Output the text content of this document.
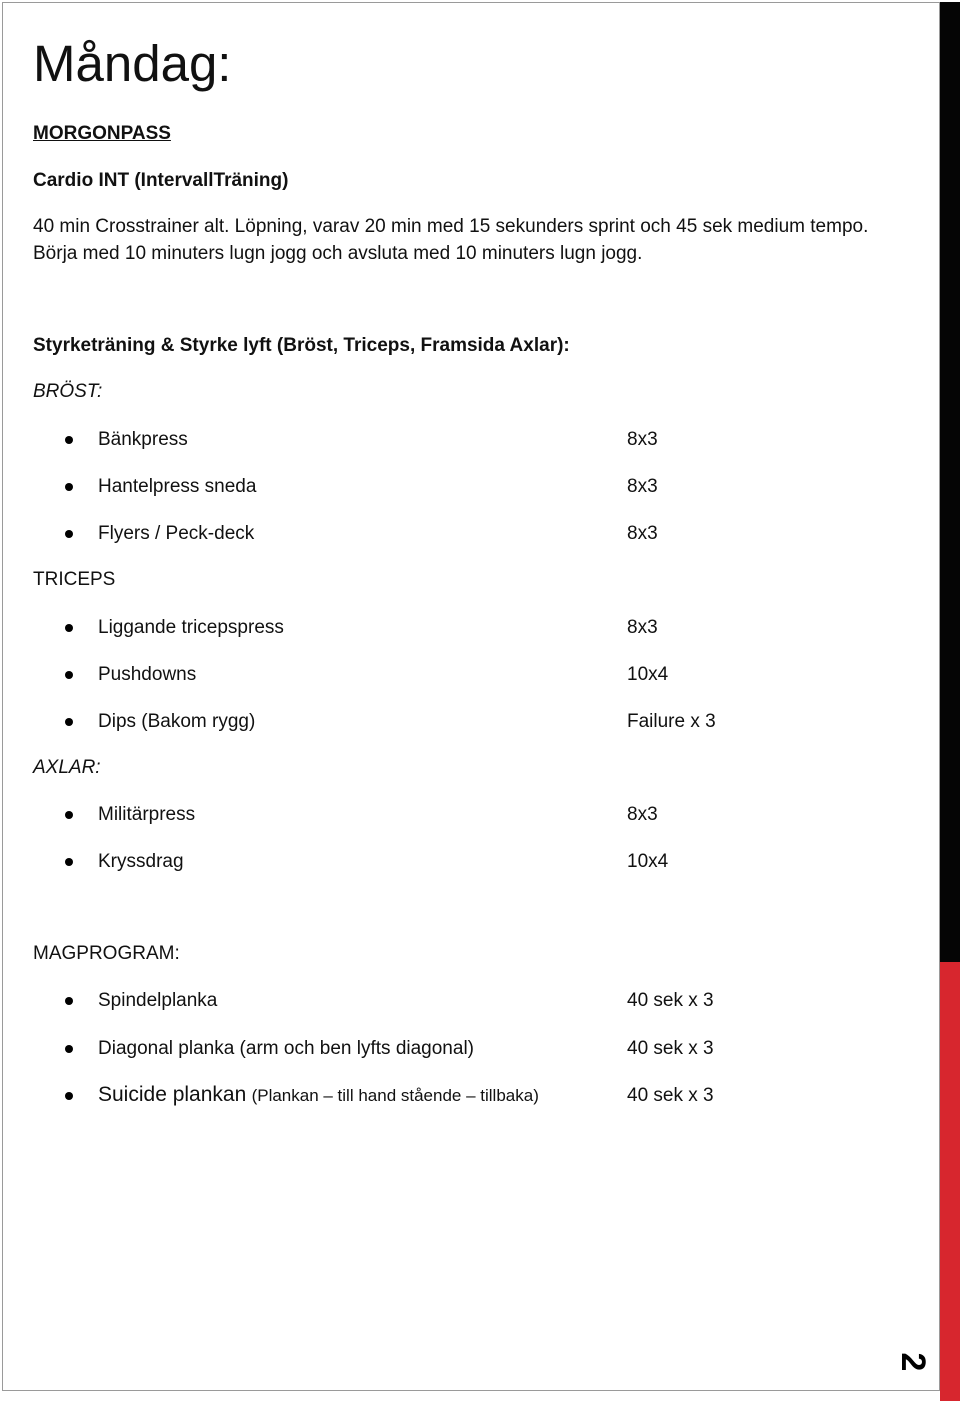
2
Måndag:
MORGONPASS
Cardio INT (IntervallTräning)
40 min Crosstrainer alt. Löpning, varav 20 min med 15 sekunders sprint och 45 sek medium tempo.
Börja med 10 minuters lugn jogg och avsluta med 10 minuters lugn jogg.
Styrketräning & Styrke lyft (Bröst, Triceps, Framsida Axlar):
BRÖST:
Bänkpress	8x3
Hantelpress sneda	8x3
Flyers / Peck-deck	8x3
TRICEPS
Liggande tricepspress	8x3
Pushdowns	10x4
Dips (Bakom rygg)	Failure x 3
AXLAR:
Militärpress	8x3
Kryssdrag	10x4
MAGPROGRAM:
Spindelplanka	40 sek x 3
Diagonal planka (arm och ben lyfts diagonal)	40 sek x 3
Suicide plankan (Plankan – till hand stående – tillbaka)	40 sek x 3
